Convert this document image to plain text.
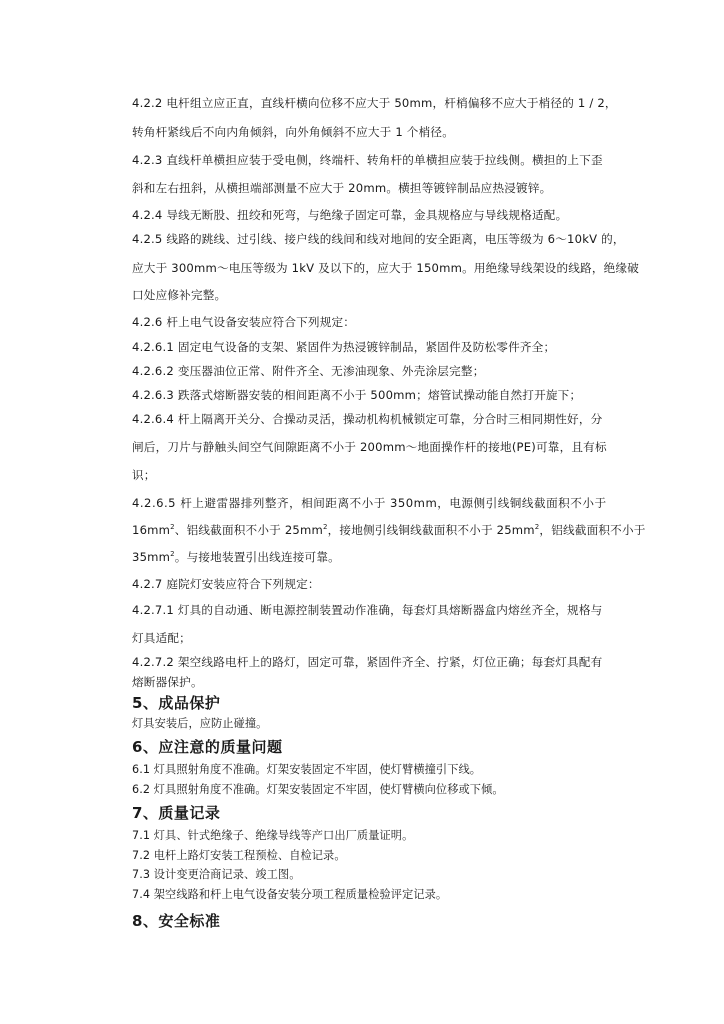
4.2.2 电杆组立应正直，直线杆横向位移不应大于 50mm，杆梢偏移不应大于梢径的 1 / 2，
转角杆紧线后不向内角倾斜，向外角倾斜不应大于 1 个梢径。
4.2.3 直线杆单横担应装于受电侧，终端杆、转角杆的单横担应装于拉线侧。横担的上下歪
斜和左右扭斜，从横担端部测量不应大于 20mm。横担等镀锌制品应热浸镀锌。
4.2.4 导线无断股、扭绞和死弯，与绝缘子固定可靠，金具规格应与导线规格适配。
4.2.5 线路的跳线、过引线、接户线的线间和线对地间的安全距离，电压等级为 6～10kV 的，
应大于 300mm～电压等级为 1kV 及以下的，应大于 150mm。用绝缘导线架设的线路，绝缘破
口处应修补完整。
4.2.6 杆上电气设备安装应符合下列规定：
4.2.6.1 固定电气设备的支架、紧固件为热浸镀锌制品，紧固件及防松零件齐全；
4.2.6.2 变压器油位正常、附件齐全、无渗油现象、外壳涂层完整；
4.2.6.3 跌落式熔断器安装的相间距离不小于 500mm；熔管试操动能自然打开旋下；
4.2.6.4 杆上隔离开关分、合操动灵活，操动机构机械锁定可靠，分合时三相同期性好，分
闸后，刀片与静触头间空气间隙距离不小于 200mm～地面操作杆的接地(PE)可靠，且有标
识；
4.2.6.5 杆上避雷器排列整齐，相间距离不小于 350mm，电源侧引线铜线截面积不小于
$16mm^2$、铝线截面积不小于 $25mm^2$，接地侧引线铜线截面积不小于 $25mm^2$，铝线截面积不小于
$35mm^2$。与接地装置引出线连接可靠。
4.2.7 庭院灯安装应符合下列规定：
4.2.7.1 灯具的自动通、断电源控制装置动作准确，每套灯具熔断器盒内熔丝齐全，规格与
灯具适配；
4.2.7.2 架空线路电杆上的路灯，固定可靠，紧固件齐全、拧紧，灯位正确；每套灯具配有
熔断器保护。
5、成品保护
灯具安装后，应防止碰撞。
6、应注意的质量问题
6.1 灯具照射角度不准确。灯架安装固定不牢固，使灯臂横撞引下线。
6.2 灯具照射角度不准确。灯架安装固定不牢固，使灯臂横向位移或下倾。
7、质量记录
7.1 灯具、针式绝缘子、绝缘导线等产口出厂质量证明。
7.2 电杆上路灯安装工程预检、自检记录。
7.3 设计变更洽商记录、竣工图。
7.4 架空线路和杆上电气设备安装分项工程质量检验评定记录。
8、安全标准
